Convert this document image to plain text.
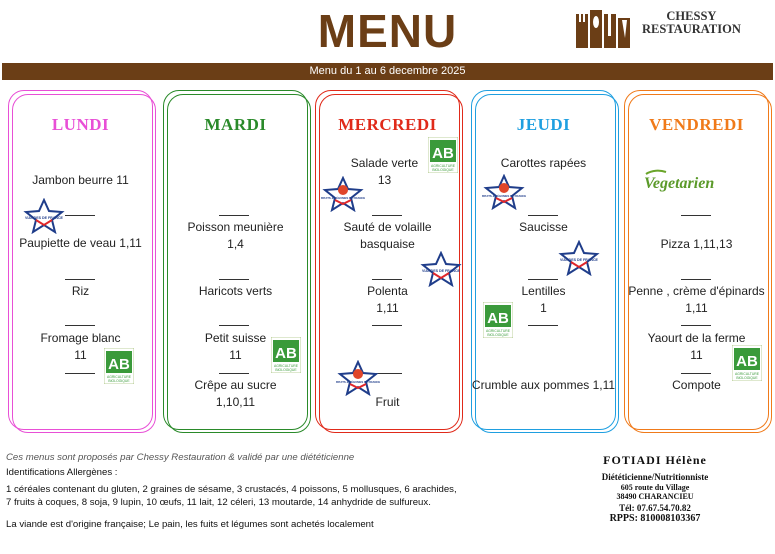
MENU	CHESSY
RESTAURATION
Menu du 1 au 6 decembre 2025
LUNDI
Jambon beurre 11
Paupiette de veau 1,11
Riz
Fromage blanc
11
MARDI
Poisson meunière
1,4
Haricots verts
Petit suisse
11
Crêpe au sucre
1,10,11
MERCREDI
Salade verte
13
Sauté de volaille
basquaise
Polenta
1,11
Fruit
JEUDI
Carottes rapées
Saucisse
Lentilles
1
Crumble aux pommes 1,11
VENDREDI
Pizza 1,11,13
Penne , crème d'épinards
1,11
Yaourt de la ferme
11
Compote
AB
AGRICULTURE
BIOLOGIQUE
AB
AGRICULTURE
BIOLOGIQUE
AB
AGRICULTURE
BIOLOGIQUE
AB
AGRICULTURE
BIOLOGIQUE
AB
AGRICULTURE
BIOLOGIQUE
VIANDES DE FRANCE
VIANDES DE FRANCE
VIANDES DE FRANCE
FRUITS & LÉGUMES DE FRANCE
FRUITS & LÉGUMES DE FRANCE
FRUITS & LÉGUMES DE FRANCE
Vegetarien
Ces menus sont proposés par Chessy Restauration & validé par une diététicienne
Identifications Allergènes :
1 céréales contenant du gluten, 2 graines de sésame, 3 crustacés, 4 poissons, 5 mollusques, 6 arachides,
7 fruits à coques, 8 soja, 9 lupin, 10 œufs, 11 lait, 12 céleri, 13 moutarde, 14 anhydride de sulfureux.
La viande est d'origine française; Le pain, les fuits et légumes sont achetés localement
FOTIADI Hélène
Diététicienne/Nutritionniste
605 route du Village
38490 CHARANCIEU
Tél: 07.67.54.70.82
RPPS: 810008103367
